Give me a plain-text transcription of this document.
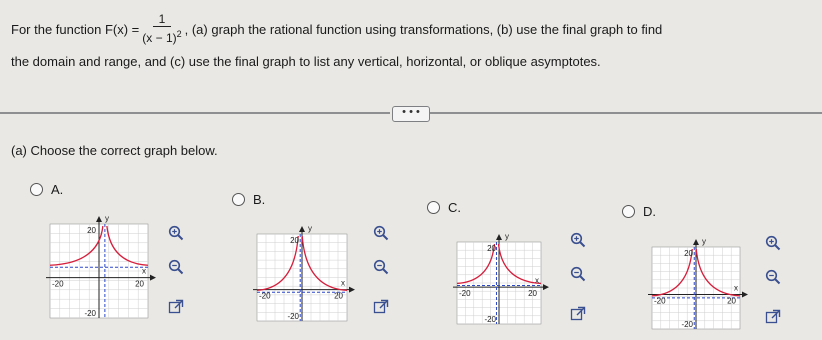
For the function
$F(x) = \frac{1}{(x - 1)^2}$ , (a) graph the rational function using transformations, (b) use the final graph to find
the domain and range, and (c) use the final graph to list any vertical, horizontal, or oblique asymptotes.
• • •
(a) Choose the correct graph below.
A.
y
x
20
-20
-20	20
B.
y
x
20
-20
-20	20
C.
y
x
20
-20
-20	20
D.
y
x
20
-20
-20	20
